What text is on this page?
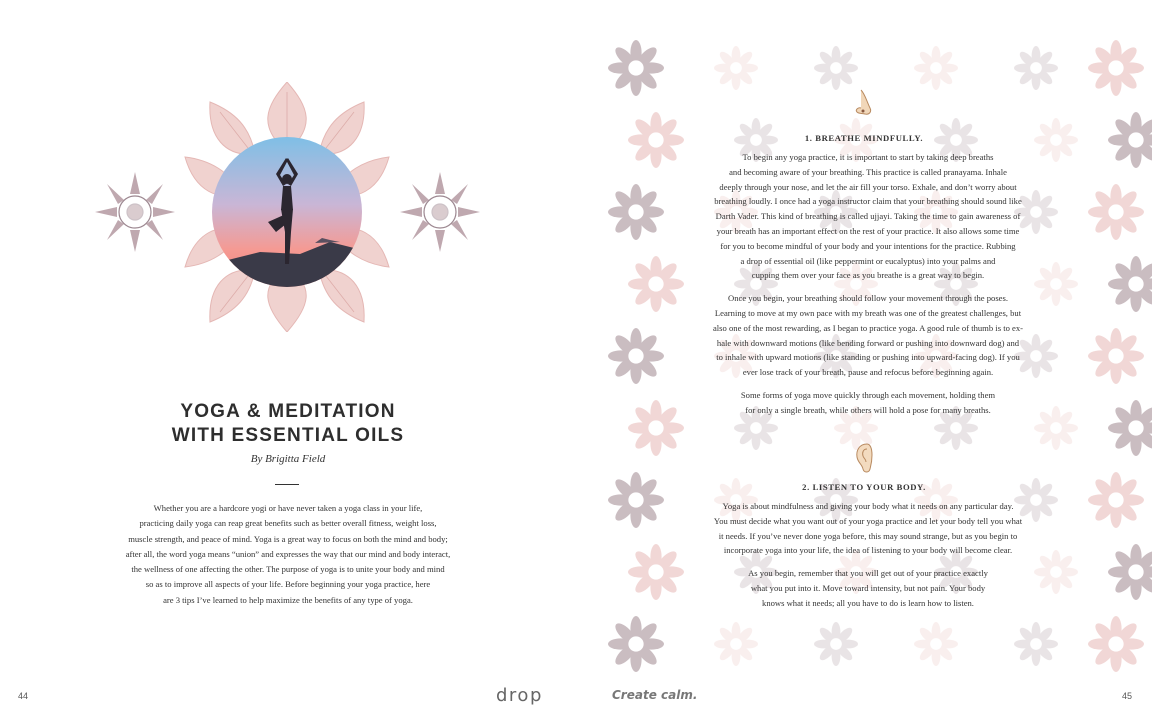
YOGA & MEDITATION
WITH ESSENTIAL OILS
By Brigitta Field

Whether you are a hardcore yogi or have never taken a yoga class in your life,

practicing daily yoga can reap great benefits such as better overall fitness, weight loss,

muscle strength, and peace of mind. Yoga is a great way to focus on both the mind and body;

after all, the word yoga means “union” and expresses the way that our mind and body interact,

the wellness of one affecting the other. The purpose of yoga is to unite your body and mind

so as to improve all aspects of your life. Before beginning your yoga practice, here

are 3 tips I’ve learned to help maximize the benefits of any type of yoga.

44
1. BREATHE MINDFULLY.

To begin any yoga practice, it is important to start by taking deep breaths
and becoming aware of your breathing. This practice is called pranayama. Inhale
deeply through your nose, and let the air fill your torso. Exhale, and don’t worry about
breathing loudly. I once had a yoga instructor claim that your breathing should sound like
Darth Vader. This kind of breathing is called ujjayi. Taking the time to gain awareness of
your breath has an important effect on the rest of your practice. It also allows some time
for you to become mindful of your body and your intentions for the practice. Rubbing
a drop of essential oil (like peppermint or eucalyptus) into your palms and
cupping them over your face as you breathe is a great way to begin.

Once you begin, your breathing should follow your movement through the poses.
Learning to move at my own pace with my breath was one of the greatest challenges, but
also one of the most rewarding, as I began to practice yoga. A good rule of thumb is to ex-
hale with downward motions (like bending forward or pushing into downward dog) and
to inhale with upward motions (like standing or pushing into upward-facing dog). If you
ever lose track of your breath, pause and refocus before beginning again.

Some forms of yoga move quickly through each movement, holding them
for only a single breath, while others will hold a pose for many breaths.

2. LISTEN TO YOUR BODY.

Yoga is about mindfulness and giving your body what it needs on any particular day.
You must decide what you want out of your yoga practice and let your body tell you what
it needs. If you’ve never done yoga before, this may sound strange, but as you begin to
incorporate yoga into your life, the idea of listening to your body will become clear.

As you begin, remember that you will get out of your practice exactly
what you put into it. Move toward intensity, but not pain. Your body
knows what it needs; all you have to do is learn how to listen.

45
drop	Create calm.
